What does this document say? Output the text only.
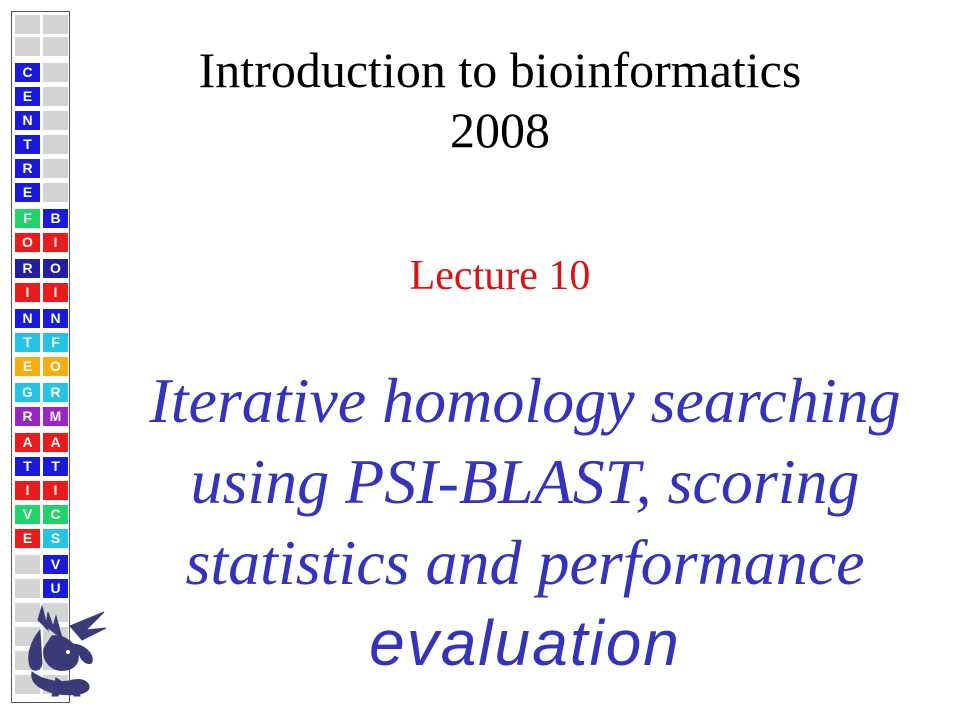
C
E
N
T
R
E
F
O
R
I
N
T
E
G
R
A
T
I
V
E
B
I
O
I
N
F
O
R
M
A
T
I
C
S
V
U
Introduction to bioinformatics
2008
Lecture 10
Iterative homology searching
using PSI-BLAST, scoring
statistics and performance
evaluation
